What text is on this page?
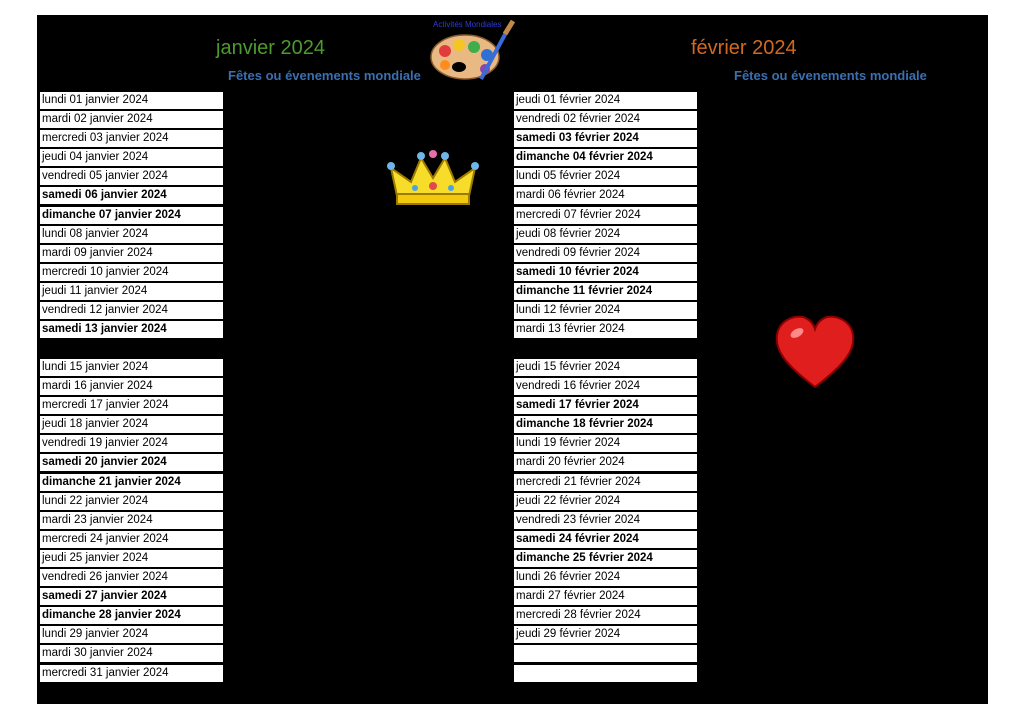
janvier 2024
Fêtes ou évenements mondiale
Activités Mondiales
février 2024
Fêtes ou évenements mondiale
lundi 01 janvier 2024
mardi 02 janvier 2024
mercredi 03 janvier 2024
jeudi 04 janvier 2024
vendredi 05 janvier 2024
samedi 06 janvier 2024
dimanche 07 janvier 2024
lundi 08 janvier 2024
mardi 09 janvier 2024
mercredi 10 janvier 2024
jeudi 11 janvier 2024
vendredi 12 janvier 2024
samedi 13 janvier 2024
lundi 15 janvier 2024
mardi 16 janvier 2024
mercredi 17 janvier 2024
jeudi 18 janvier 2024
vendredi 19 janvier 2024
samedi 20 janvier 2024
dimanche 21 janvier 2024
lundi 22 janvier 2024
mardi 23 janvier 2024
mercredi 24 janvier 2024
jeudi 25 janvier 2024
vendredi 26 janvier 2024
samedi 27 janvier 2024
dimanche 28 janvier 2024
lundi 29 janvier 2024
mardi 30 janvier 2024
mercredi 31 janvier 2024
jeudi 01 février 2024
vendredi 02 février 2024
samedi 03 février 2024
dimanche 04 février 2024
lundi 05 février 2024
mardi 06 février 2024
mercredi 07 février 2024
jeudi 08 février 2024
vendredi 09 février 2024
samedi 10 février 2024
dimanche 11 février 2024
lundi 12 février 2024
mardi 13 février 2024
jeudi 15 février 2024
vendredi 16 février 2024
samedi 17 février 2024
dimanche 18 février 2024
lundi 19 février 2024
mardi 20 février 2024
mercredi 21 février 2024
jeudi 22 février 2024
vendredi 23 février 2024
samedi 24 février 2024
dimanche 25 février 2024
lundi 26 février 2024
mardi 27 février 2024
mercredi 28 février 2024
jeudi 29 février 2024
